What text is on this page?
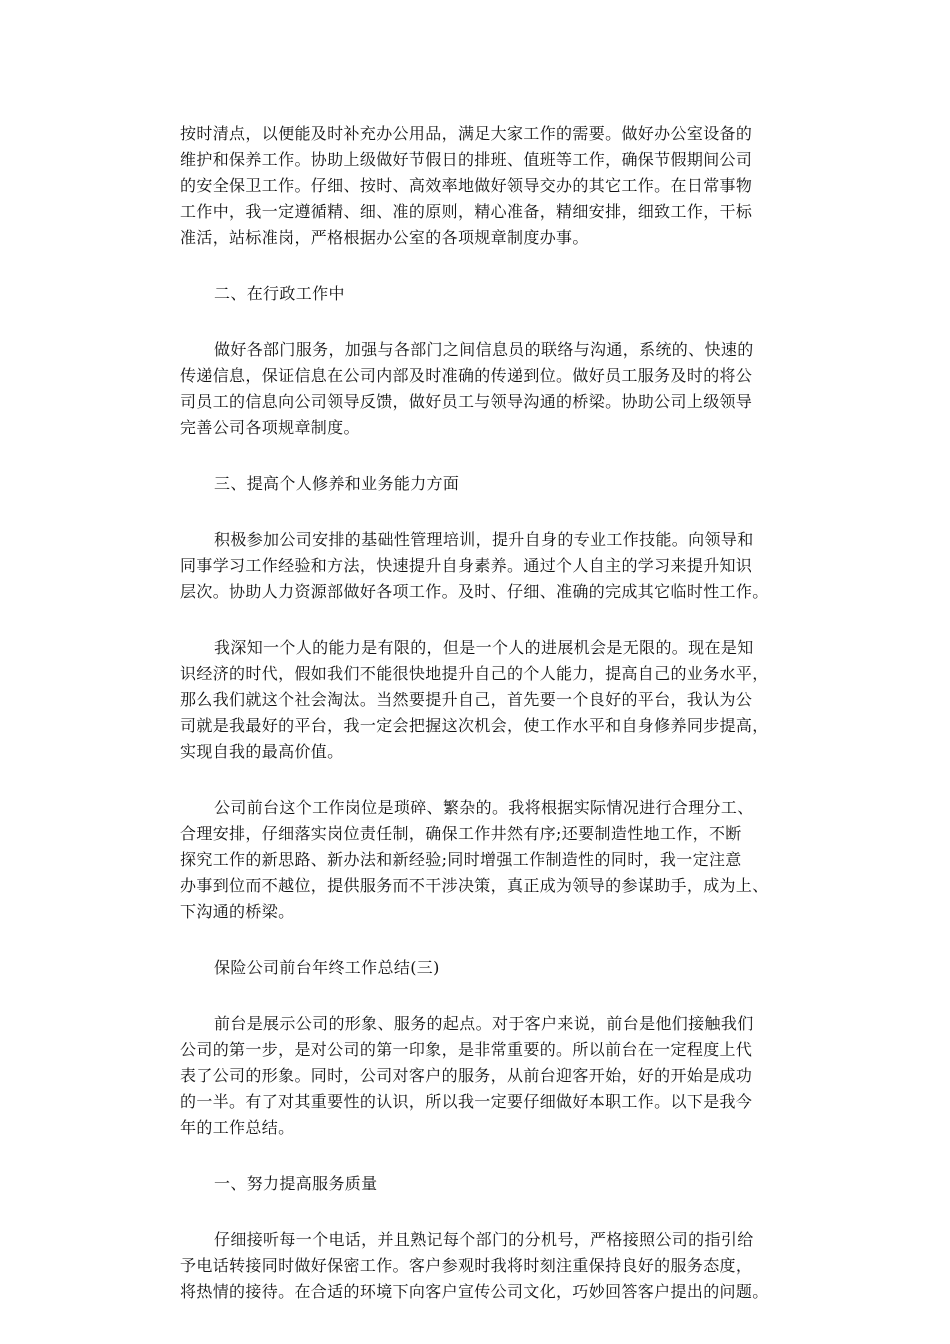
按时清点，以便能及时补充办公用品，满足大家工作的需要。做好办公室设备的
维护和保养工作。协助上级做好节假日的排班、值班等工作，确保节假期间公司
的安全保卫工作。仔细、按时、高效率地做好领导交办的其它工作。在日常事物
工作中，我一定遵循精、细、准的原则，精心准备，精细安排，细致工作，干标
准活，站标准岗，严格根据办公室的各项规章制度办事。
二、在行政工作中
做好各部门服务，加强与各部门之间信息员的联络与沟通，系统的、快速的
传递信息，保证信息在公司内部及时准确的传递到位。做好员工服务及时的将公
司员工的信息向公司领导反馈，做好员工与领导沟通的桥梁。协助公司上级领导
完善公司各项规章制度。
三、提高个人修养和业务能力方面
积极参加公司安排的基础性管理培训，提升自身的专业工作技能。向领导和
同事学习工作经验和方法，快速提升自身素养。通过个人自主的学习来提升知识
层次。协助人力资源部做好各项工作。及时、仔细、准确的完成其它临时性工作。
我深知一个人的能力是有限的，但是一个人的进展机会是无限的。现在是知
识经济的时代，假如我们不能很快地提升自己的个人能力，提高自己的业务水平，
那么我们就这个社会淘汰。当然要提升自己，首先要一个良好的平台，我认为公
司就是我最好的平台，我一定会把握这次机会，使工作水平和自身修养同步提高，
实现自我的最高价值。
公司前台这个工作岗位是琐碎、繁杂的。我将根据实际情况进行合理分工、
合理安排，仔细落实岗位责任制，确保工作井然有序;还要制造性地工作，不断
探究工作的新思路、新办法和新经验;同时增强工作制造性的同时，我一定注意
办事到位而不越位，提供服务而不干涉决策，真正成为领导的参谋助手，成为上、
下沟通的桥梁。
保险公司前台年终工作总结(三)
前台是展示公司的形象、服务的起点。对于客户来说，前台是他们接触我们
公司的第一步，是对公司的第一印象，是非常重要的。所以前台在一定程度上代
表了公司的形象。同时，公司对客户的服务，从前台迎客开始，好的开始是成功
的一半。有了对其重要性的认识，所以我一定要仔细做好本职工作。以下是我今
年的工作总结。
一、努力提高服务质量
仔细接听每一个电话，并且熟记每个部门的分机号，严格接照公司的指引给
予电话转接同时做好保密工作。客户参观时我将时刻注重保持良好的服务态度，
将热情的接待。在合适的环境下向客户宣传公司文化，巧妙回答客户提出的问题。
